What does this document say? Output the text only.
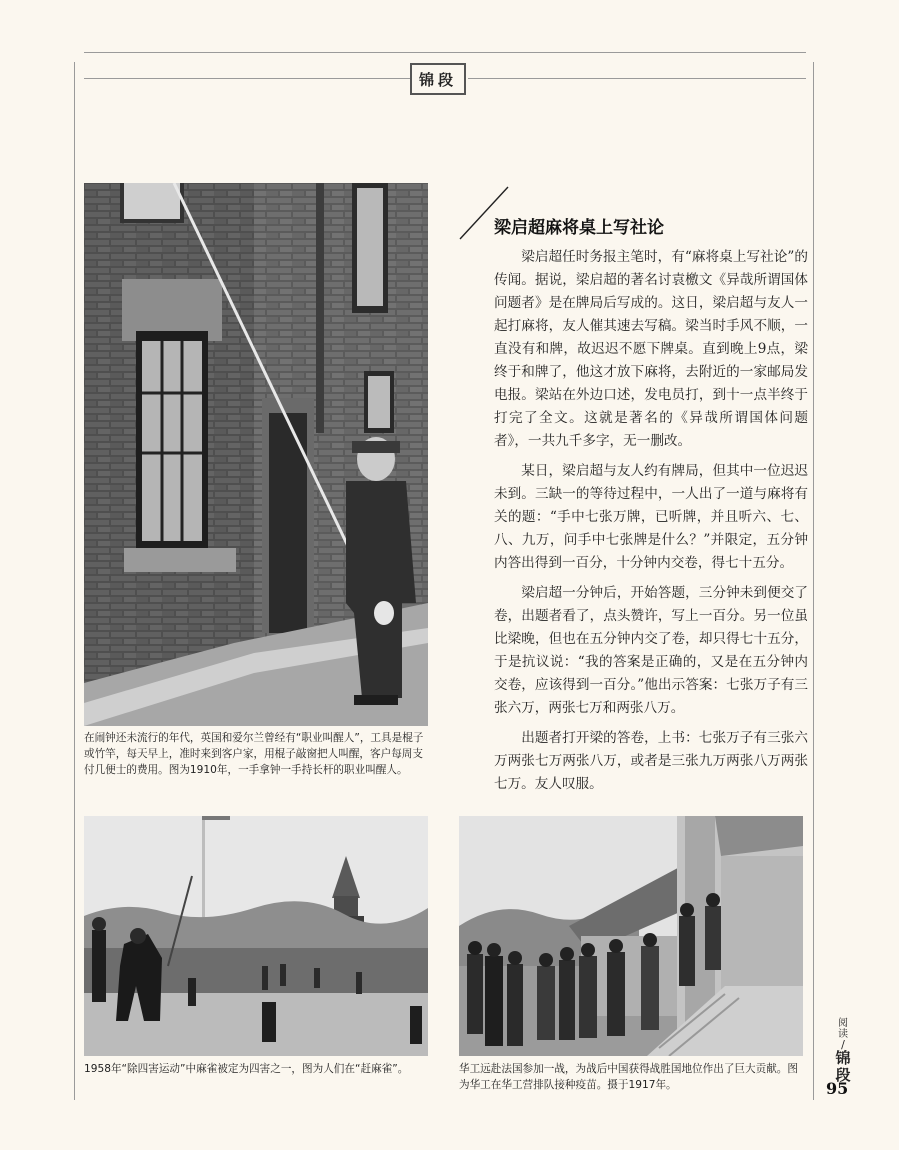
锦段
在闹钟还未流行的年代，英国和爱尔兰曾经有“职业叫醒人”，工具是棍子或竹竿，每天早上，准时来到客户家，用棍子敲窗把人叫醒，客户每周支付几便士的费用。图为1910年，一手拿钟一手持长杆的职业叫醒人。
梁启超麻将桌上写社论

梁启超任时务报主笔时，有“麻将桌上写社论”的传闻。据说，梁启超的著名讨袁檄文《异哉所谓国体问题者》是在牌局后写成的。这日，梁启超与友人一起打麻将，友人催其速去写稿。梁当时手风不顺，一直没有和牌，故迟迟不愿下牌桌。直到晚上9点，梁终于和牌了，他这才放下麻将，去附近的一家邮局发电报。梁站在外边口述，发电员打，到十一点半终于打完了全文。这就是著名的《异哉所谓国体问题者》，一共九千多字，无一删改。

某日，梁启超与友人约有牌局，但其中一位迟迟未到。三缺一的等待过程中，一人出了一道与麻将有关的题：“手中七张万牌，已听牌，并且听六、七、八、九万，问手中七张牌是什么？”并限定，五分钟内答出得到一百分，十分钟内交卷，得七十五分。

梁启超一分钟后，开始答题，三分钟未到便交了卷，出题者看了，点头赞许，写上一百分。另一位虽比梁晚，但也在五分钟内交了卷，却只得七十五分，于是抗议说：“我的答案是正确的，又是在五分钟内交卷，应该得到一百分。”他出示答案：七张万子有三张六万，两张七万和两张八万。

出题者打开梁的答卷，上书：七张万子有三张六万两张七万两张八万，或者是三张九万两张八万两张七万。友人叹服。

1958年“除四害运动”中麻雀被定为四害之一，图为人们在“赶麻雀”。	华工远赴法国参加一战，为战后中国获得战胜国地位作出了巨大贡献。图为华工在华工营排队接种疫苗。摄于1917年。
阅读
/
锦段
95
